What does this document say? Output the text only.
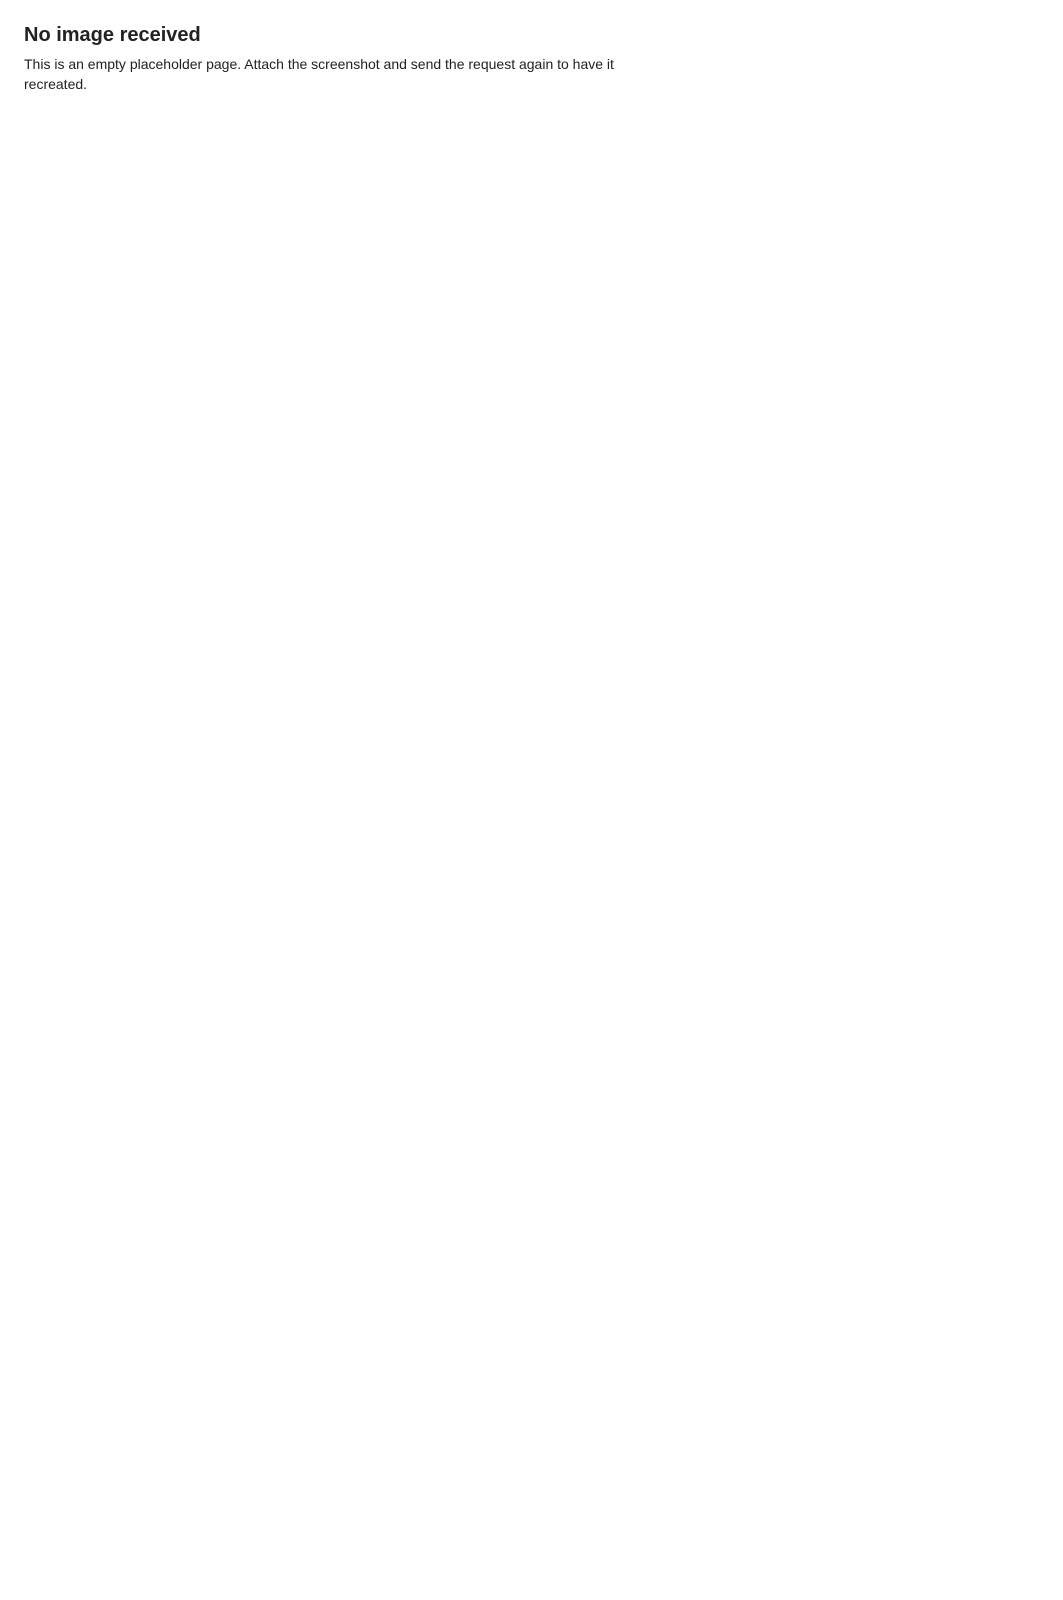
No image received

This is an empty placeholder page. Attach the screenshot and send the request again to have it recreated.
